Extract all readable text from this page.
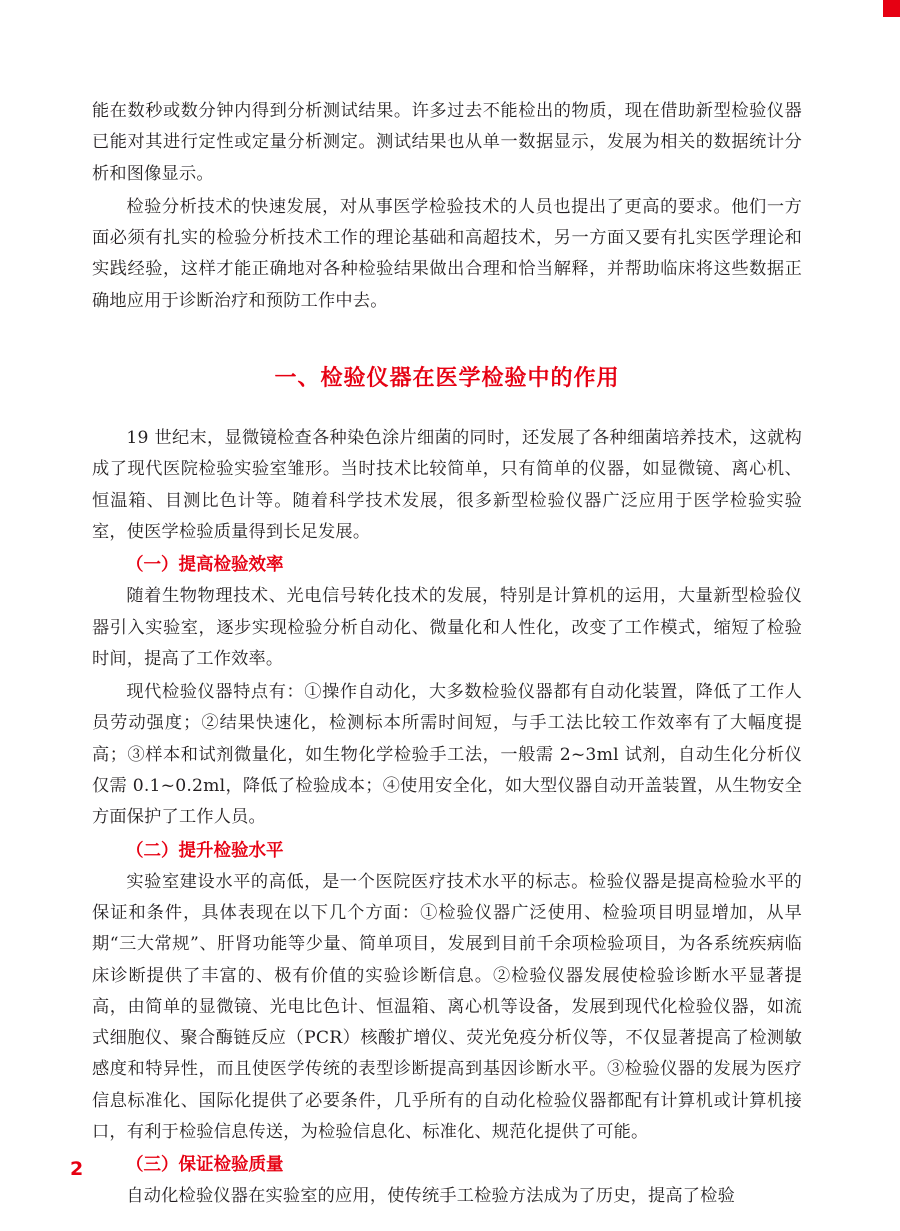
能在数秒或数分钟内得到分析测试结果。许多过去不能检出的物质，现在借助新型检验仪器已能对其进行定性或定量分析测定。测试结果也从单一数据显示，发展为相关的数据统计分析和图像显示。

检验分析技术的快速发展，对从事医学检验技术的人员也提出了更高的要求。他们一方面必须有扎实的检验分析技术工作的理论基础和高超技术，另一方面又要有扎实医学理论和实践经验，这样才能正确地对各种检验结果做出合理和恰当解释，并帮助临床将这些数据正确地应用于诊断治疗和预防工作中去。

一、检验仪器在医学检验中的作用

19 世纪末，显微镜检查各种染色涂片细菌的同时，还发展了各种细菌培养技术，这就构成了现代医院检验实验室雏形。当时技术比较简单，只有简单的仪器，如显微镜、离心机、恒温箱、目测比色计等。随着科学技术发展，很多新型检验仪器广泛应用于医学检验实验室，使医学检验质量得到长足发展。

（一）提高检验效率

随着生物物理技术、光电信号转化技术的发展，特别是计算机的运用，大量新型检验仪器引入实验室，逐步实现检验分析自动化、微量化和人性化，改变了工作模式，缩短了检验时间，提高了工作效率。

现代检验仪器特点有：①操作自动化，大多数检验仪器都有自动化装置，降低了工作人员劳动强度；②结果快速化，检测标本所需时间短，与手工法比较工作效率有了大幅度提高；③样本和试剂微量化，如生物化学检验手工法，一般需 2~3ml 试剂，自动生化分析仪仅需 0.1~0.2ml，降低了检验成本；④使用安全化，如大型仪器自动开盖装置，从生物安全方面保护了工作人员。

（二）提升检验水平

实验室建设水平的高低，是一个医院医疗技术水平的标志。检验仪器是提高检验水平的保证和条件，具体表现在以下几个方面：①检验仪器广泛使用、检验项目明显增加，从早期“三大常规”、肝肾功能等少量、简单项目，发展到目前千余项检验项目，为各系统疾病临床诊断提供了丰富的、极有价值的实验诊断信息。②检验仪器发展使检验诊断水平显著提高，由简单的显微镜、光电比色计、恒温箱、离心机等设备，发展到现代化检验仪器，如流式细胞仪、聚合酶链反应（PCR）核酸扩增仪、荧光免疫分析仪等，不仅显著提高了检测敏感度和特异性，而且使医学传统的表型诊断提高到基因诊断水平。③检验仪器的发展为医疗信息标准化、国际化提供了必要条件，几乎所有的自动化检验仪器都配有计算机或计算机接口，有利于检验信息传送，为检验信息化、标准化、规范化提供了可能。

（三）保证检验质量

自动化检验仪器在实验室的应用，使传统手工检验方法成为了历史，提高了检验

2
